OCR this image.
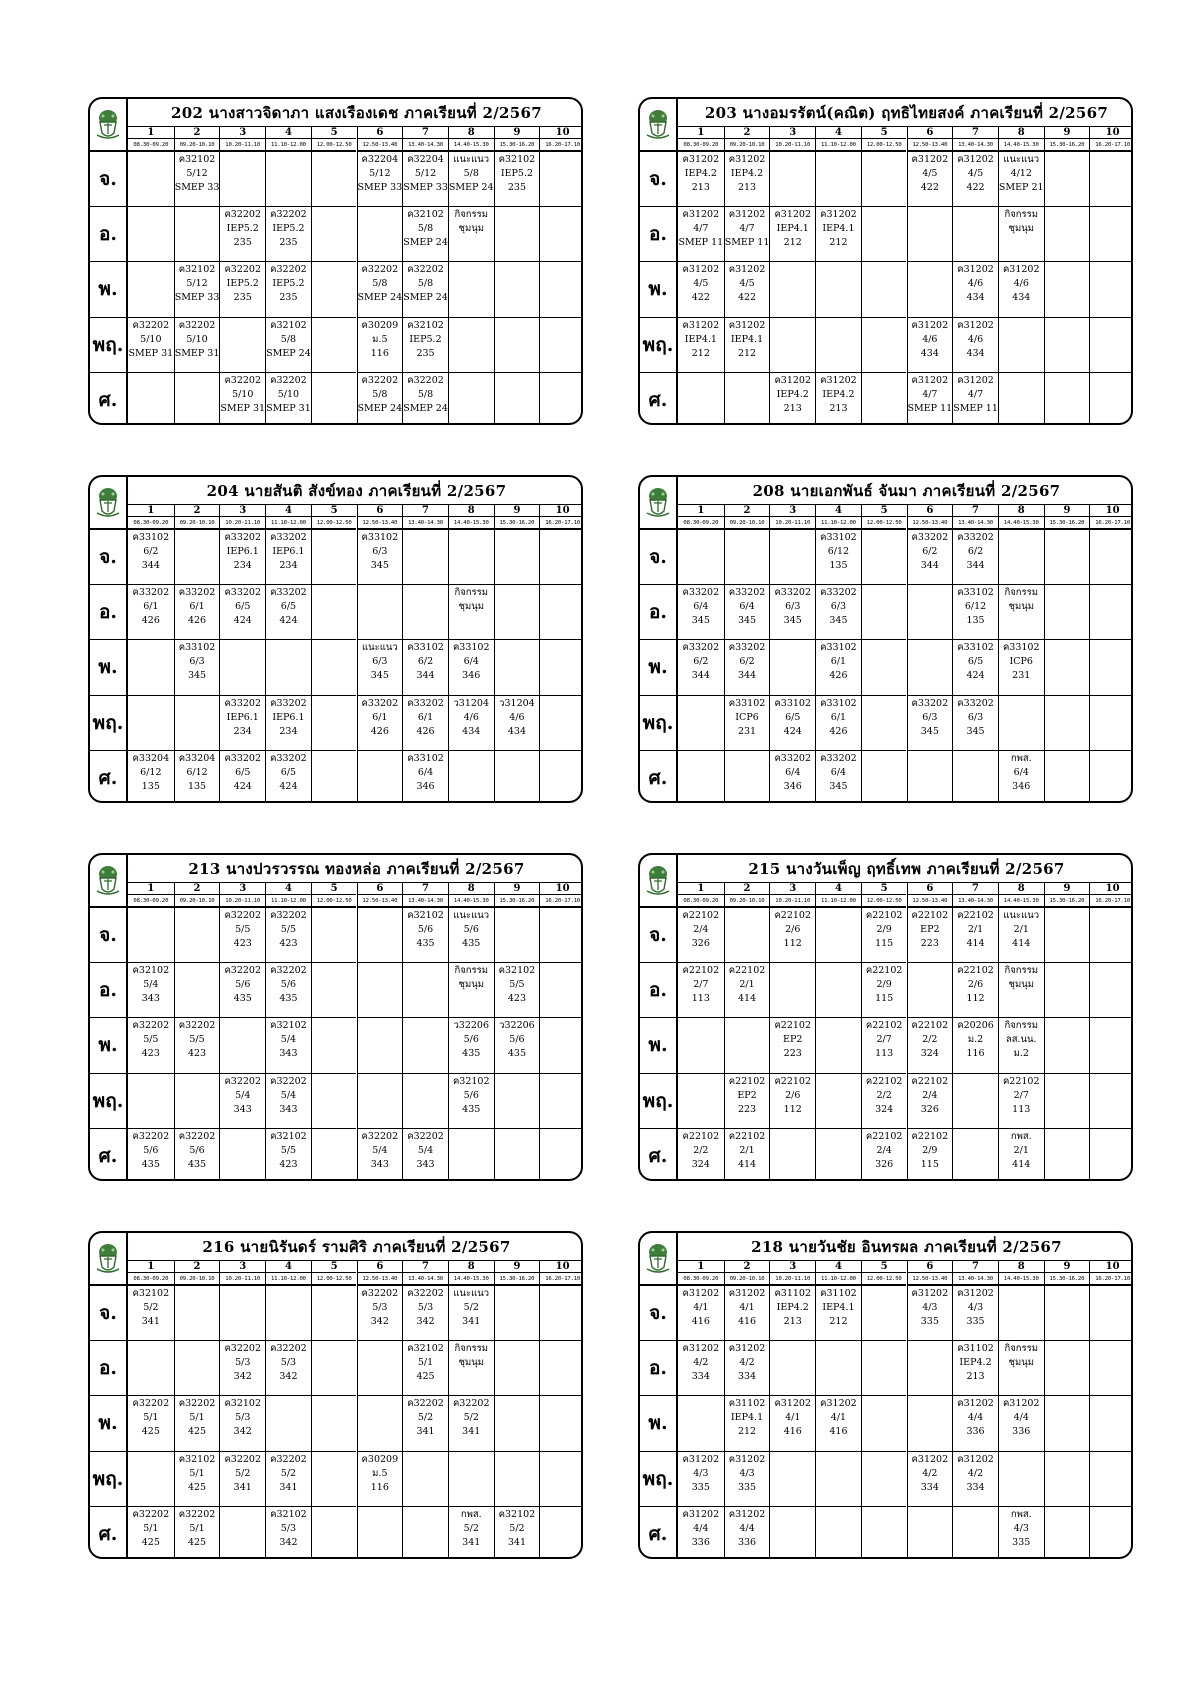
202 นางสาวจิดาภา แสงเรืองเดช ภาคเรียนที่ 2/2567
1
08.30-09.20
2
09.20-10.10
3
10.20-11.10
4
11.10-12.00
5
12.00-12.50
6
12.50-13.40
7
13.40-14.30
8
14.40-15.30
9
15.30-16.20
10
16.20-17.10
จ.
ค32102
5/12
SMEP 33
ค32204
5/12
SMEP 33
ค32204
5/12
SMEP 33
แนะแนว
5/8
SMEP 24
ค32102
IEP5.2
235
อ.
ค32202
IEP5.2
235
ค32202
IEP5.2
235
ค32102
5/8
SMEP 24
กิจกรรม
ชุมนุม
พ.
ค32102
5/12
SMEP 33
ค32202
IEP5.2
235
ค32202
IEP5.2
235
ค32202
5/8
SMEP 24
ค32202
5/8
SMEP 24
พฤ.
ค32202
5/10
SMEP 31
ค32202
5/10
SMEP 31
ค32102
5/8
SMEP 24
ค30209
ม.5
116
ค32102
IEP5.2
235
ศ.
ค32202
5/10
SMEP 31
ค32202
5/10
SMEP 31
ค32202
5/8
SMEP 24
ค32202
5/8
SMEP 24
203 นางอมรรัตน์(คณิต) ฤทธิไทยสงค์ ภาคเรียนที่ 2/2567
1
08.30-09.20
2
09.20-10.10
3
10.20-11.10
4
11.10-12.00
5
12.00-12.50
6
12.50-13.40
7
13.40-14.30
8
14.40-15.30
9
15.30-16.20
10
16.20-17.10
จ.
ค31202
IEP4.2
213
ค31202
IEP4.2
213
ค31202
4/5
422
ค31202
4/5
422
แนะแนว
4/12
SMEP 21
อ.
ค31202
4/7
SMEP 11
ค31202
4/7
SMEP 11
ค31202
IEP4.1
212
ค31202
IEP4.1
212
กิจกรรม
ชุมนุม
พ.
ค31202
4/5
422
ค31202
4/5
422
ค31202
4/6
434
ค31202
4/6
434
พฤ.
ค31202
IEP4.1
212
ค31202
IEP4.1
212
ค31202
4/6
434
ค31202
4/6
434
ศ.
ค31202
IEP4.2
213
ค31202
IEP4.2
213
ค31202
4/7
SMEP 11
ค31202
4/7
SMEP 11
204 นายสันติ สังข์ทอง ภาคเรียนที่ 2/2567
1
08.30-09.20
2
09.20-10.10
3
10.20-11.10
4
11.10-12.00
5
12.00-12.50
6
12.50-13.40
7
13.40-14.30
8
14.40-15.30
9
15.30-16.20
10
16.20-17.10
จ.
ค33102
6/2
344
ค33202
IEP6.1
234
ค33202
IEP6.1
234
ค33102
6/3
345
อ.
ค33202
6/1
426
ค33202
6/1
426
ค33202
6/5
424
ค33202
6/5
424
กิจกรรม
ชุมนุม
พ.
ค33102
6/3
345
แนะแนว
6/3
345
ค33102
6/2
344
ค33102
6/4
346
พฤ.
ค33202
IEP6.1
234
ค33202
IEP6.1
234
ค33202
6/1
426
ค33202
6/1
426
ว31204
4/6
434
ว31204
4/6
434
ศ.
ค33204
6/12
135
ค33204
6/12
135
ค33202
6/5
424
ค33202
6/5
424
ค33102
6/4
346
208 นายเอกพันธ์ จันมา ภาคเรียนที่ 2/2567
1
08.30-09.20
2
09.20-10.10
3
10.20-11.10
4
11.10-12.00
5
12.00-12.50
6
12.50-13.40
7
13.40-14.30
8
14.40-15.30
9
15.30-16.20
10
16.20-17.10
จ.
ค33102
6/12
135
ค33202
6/2
344
ค33202
6/2
344
อ.
ค33202
6/4
345
ค33202
6/4
345
ค33202
6/3
345
ค33202
6/3
345
ค33102
6/12
135
กิจกรรม
ชุมนุม
พ.
ค33202
6/2
344
ค33202
6/2
344
ค33102
6/1
426
ค33102
6/5
424
ค33102
ICP6
231
พฤ.
ค33102
ICP6
231
ค33102
6/5
424
ค33102
6/1
426
ค33202
6/3
345
ค33202
6/3
345
ศ.
ค33202
6/4
346
ค33202
6/4
345
กพส.
6/4
346
213 นางปวรวรรณ ทองหล่อ ภาคเรียนที่ 2/2567
1
08.30-09.20
2
09.20-10.10
3
10.20-11.10
4
11.10-12.00
5
12.00-12.50
6
12.50-13.40
7
13.40-14.30
8
14.40-15.30
9
15.30-16.20
10
16.20-17.10
จ.
ค32202
5/5
423
ค32202
5/5
423
ค32102
5/6
435
แนะแนว
5/6
435
อ.
ค32102
5/4
343
ค32202
5/6
435
ค32202
5/6
435
กิจกรรม
ชุมนุม
ค32102
5/5
423
พ.
ค32202
5/5
423
ค32202
5/5
423
ค32102
5/4
343
ว32206
5/6
435
ว32206
5/6
435
พฤ.
ค32202
5/4
343
ค32202
5/4
343
ค32102
5/6
435
ศ.
ค32202
5/6
435
ค32202
5/6
435
ค32102
5/5
423
ค32202
5/4
343
ค32202
5/4
343
215 นางวันเพ็ญ ฤทธิ์เทพ ภาคเรียนที่ 2/2567
1
08.30-09.20
2
09.20-10.10
3
10.20-11.10
4
11.10-12.00
5
12.00-12.50
6
12.50-13.40
7
13.40-14.30
8
14.40-15.30
9
15.30-16.20
10
16.20-17.10
จ.
ค22102
2/4
326
ค22102
2/6
112
ค22102
2/9
115
ค22102
EP2
223
ค22102
2/1
414
แนะแนว
2/1
414
อ.
ค22102
2/7
113
ค22102
2/1
414
ค22102
2/9
115
ค22102
2/6
112
กิจกรรม
ชุมนุม
พ.
ค22102
EP2
223
ค22102
2/7
113
ค22102
2/2
324
ค20206
ม.2
116
กิจกรรม
ลส.นน.
ม.2
พฤ.
ค22102
EP2
223
ค22102
2/6
112
ค22102
2/2
324
ค22102
2/4
326
ค22102
2/7
113
ศ.
ค22102
2/2
324
ค22102
2/1
414
ค22102
2/4
326
ค22102
2/9
115
กพส.
2/1
414
216 นายนิรันดร์ รามศิริ ภาคเรียนที่ 2/2567
1
08.30-09.20
2
09.20-10.10
3
10.20-11.10
4
11.10-12.00
5
12.00-12.50
6
12.50-13.40
7
13.40-14.30
8
14.40-15.30
9
15.30-16.20
10
16.20-17.10
จ.
ค32102
5/2
341
ค32202
5/3
342
ค32202
5/3
342
แนะแนว
5/2
341
อ.
ค32202
5/3
342
ค32202
5/3
342
ค32102
5/1
425
กิจกรรม
ชุมนุม
พ.
ค32202
5/1
425
ค32202
5/1
425
ค32102
5/3
342
ค32202
5/2
341
ค32202
5/2
341
พฤ.
ค32102
5/1
425
ค32202
5/2
341
ค32202
5/2
341
ค30209
ม.5
116
ศ.
ค32202
5/1
425
ค32202
5/1
425
ค32102
5/3
342
กพส.
5/2
341
ค32102
5/2
341
218 นายวันชัย อินทรผล ภาคเรียนที่ 2/2567
1
08.30-09.20
2
09.20-10.10
3
10.20-11.10
4
11.10-12.00
5
12.00-12.50
6
12.50-13.40
7
13.40-14.30
8
14.40-15.30
9
15.30-16.20
10
16.20-17.10
จ.
ค31202
4/1
416
ค31202
4/1
416
ค31102
IEP4.2
213
ค31102
IEP4.1
212
ค31202
4/3
335
ค31202
4/3
335
อ.
ค31202
4/2
334
ค31202
4/2
334
ค31102
IEP4.2
213
กิจกรรม
ชุมนุม
พ.
ค31102
IEP4.1
212
ค31202
4/1
416
ค31202
4/1
416
ค31202
4/4
336
ค31202
4/4
336
พฤ.
ค31202
4/3
335
ค31202
4/3
335
ค31202
4/2
334
ค31202
4/2
334
ศ.
ค31202
4/4
336
ค31202
4/4
336
กพส.
4/3
335
